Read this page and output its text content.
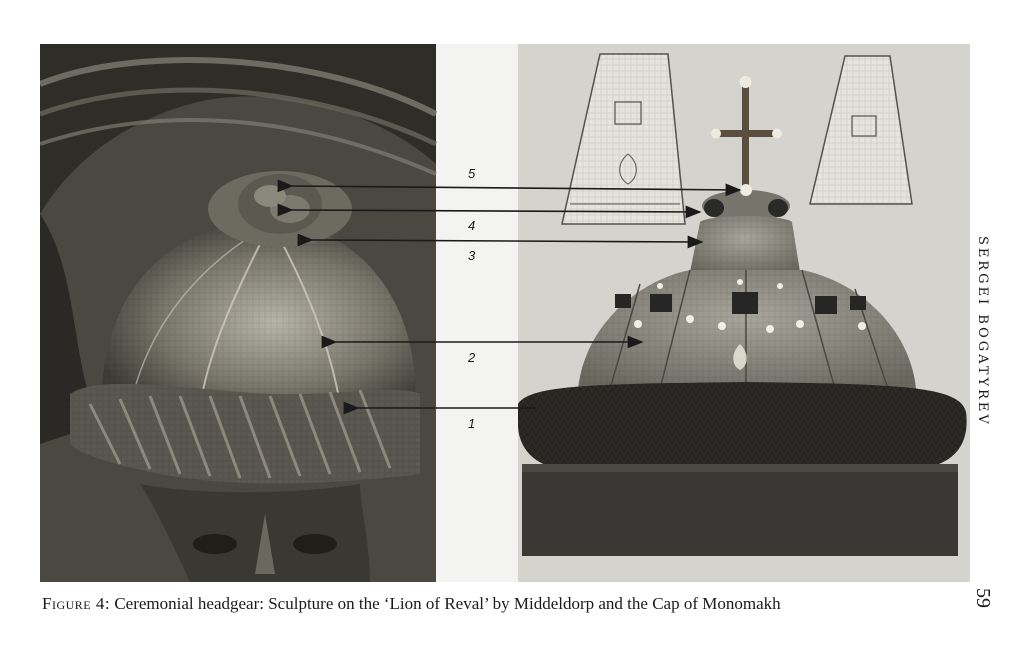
5
4
3
2
1	SERGEI BOGATYREV
59
Figure 4: Ceremonial headgear: Sculpture on the ‘Lion of Reval’ by Middeldorp and the Cap of Monomakh
